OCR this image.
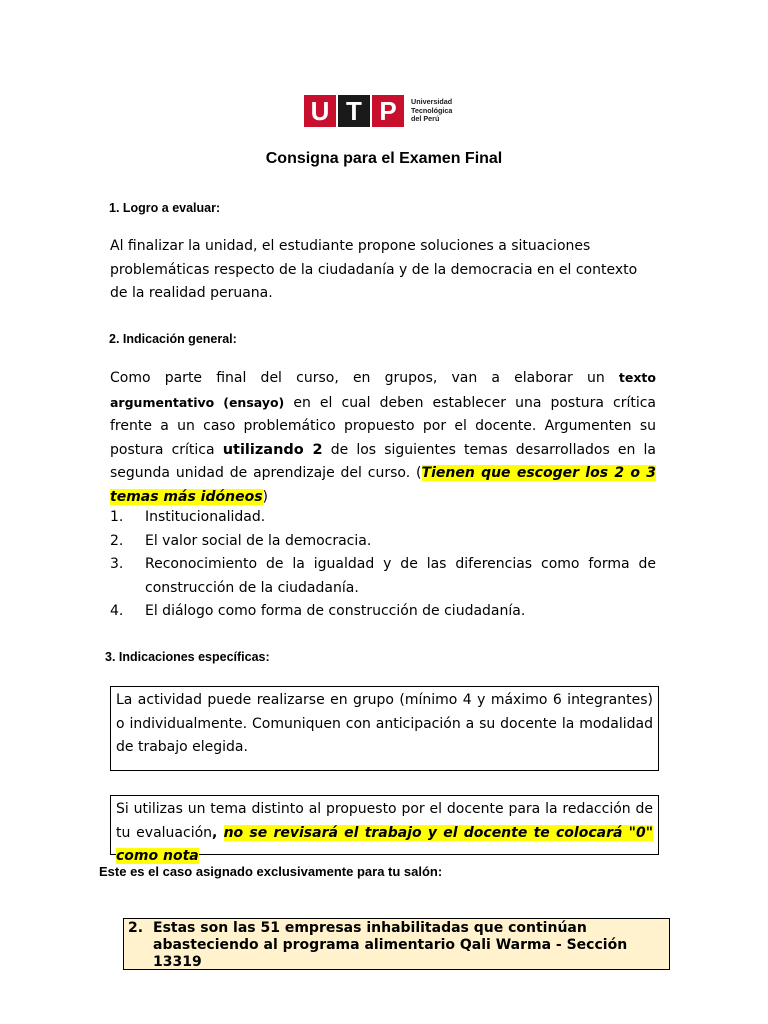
U T P	Universidad
Tecnológica
del Perú
Consigna para el Examen Final
1. Logro a evaluar:
Al finalizar la unidad, el estudiante propone soluciones a situaciones
problemáticas respecto de la ciudadanía y de la democracia en el contexto
de la realidad peruana.
2. Indicación general:
Como parte final del curso, en grupos, van a elaborar un texto argumentativo (ensayo) en el cual deben establecer una postura crítica frente a un caso problemático propuesto por el docente. Argumenten su postura crítica utilizando 2 de los siguientes temas desarrollados en la segunda unidad de aprendizaje del curso. (Tienen que escoger los 2 o 3 temas más idóneos)
1.	Institucionalidad.
2.	El valor social de la democracia.
3.	Reconocimiento de la igualdad y de las diferencias como forma de construcción de la ciudadanía.
4.	El diálogo como forma de construcción de ciudadanía.
3. Indicaciones específicas:
La actividad puede realizarse en grupo (mínimo 4 y máximo 6 integrantes) o individualmente. Comuniquen con anticipación a su docente la modalidad de trabajo elegida.
Si utilizas un tema distinto al propuesto por el docente para la redacción de tu evaluación, no se revisará el trabajo y el docente te colocará "0" como nota
Este es el caso asignado exclusivamente para tu salón:
2. Estas son las 51 empresas inhabilitadas que continúan abasteciendo al programa alimentario Qali Warma - Sección 13319
